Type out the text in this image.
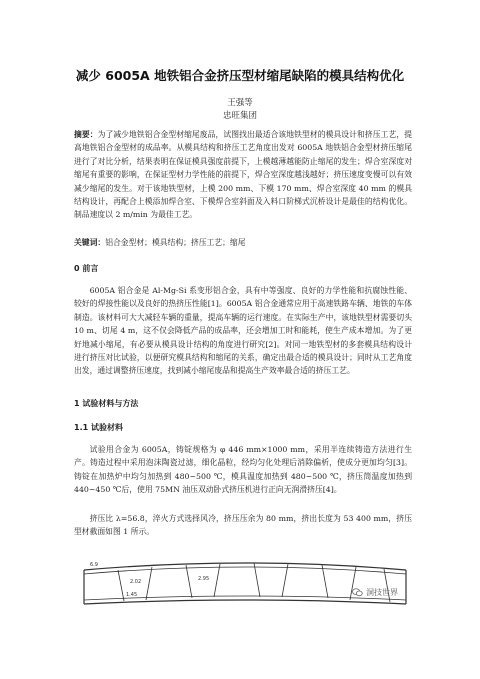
减少 6005A 地铁铝合金挤压型材缩尾缺陷的模具结构优化
王强等
忠旺集团
摘要：为了减少地铁铝合金型材缩尾废品，试图找出最适合该地铁型材的模具设计和挤压工艺，提高地铁铝合金型材的成品率。从模具结构和挤压工艺角度出发对 6005A 地铁铝合金型材挤压缩尾进行了对比分析，结果表明在保证模具强度前提下，上模越薄越能防止缩尾的发生；焊合室深度对缩尾有重要的影响，在保证型材力学性能的前提下，焊合室深度越浅越好；挤压速度变慢可以有效减少缩尾的发生。对于该地铁型材，上模 200 mm、下模 170 mm、焊合室深度 40 mm 的模具结构设计，再配合上模添加焊合室、下模焊合室斜面及入料口阶梯式沉桥设计是最佳的结构优化。制品速度以 2 m/min 为最佳工艺。
关键词：铝合金型材；模具结构；挤压工艺；缩尾
0 前言
6005A 铝合金是 Al-Mg-Si 系变形铝合金，具有中等强度、良好的力学性能和抗腐蚀性能、较好的焊接性能以及良好的热挤压性能[1]。6005A 铝合金通常应用于高速铁路车辆、地铁的车体制造。该材料可大大减轻车辆的重量，提高车辆的运行速度。在实际生产中，该地铁型材需要切头 10 m、切尾 4 m，这不仅会降低产品的成品率，还会增加工时和能耗，使生产成本增加。为了更好地减小缩尾，有必要从模具设计结构的角度进行研究[2]。对同一地铁型材的多套模具结构设计进行挤压对比试验，以便研究模具结构和缩尾的关系，确定出最合适的模具设计；同时从工艺角度出发，通过调整挤压速度，找到减小缩尾废品和提高生产效率最合适的挤压工艺。
1 试验材料与方法
1.1 试验材料
试验用合金为 6005A，铸锭规格为 φ 446 mm×1000 mm，采用半连续铸造方法进行生产。铸造过程中采用泡沫陶瓷过滤，细化晶粒，经均匀化处理后消除偏析，使成分更加均匀[3]。铸锭在加热炉中均匀加热到 480~500 ℃，模具温度加热到 480~500 ℃，挤压筒温度加热到 440~450 ℃后，使用 75MN 油压双动卧式挤压机进行正向无润滑挤压[4]。
挤压比 λ=56.8，淬火方式选择风冷，挤压压余为 80 mm，挤出长度为 53 400 mm，挤压型材截面如图 1 所示。
6.9
2.02	2.95
1.45	洞技世界
